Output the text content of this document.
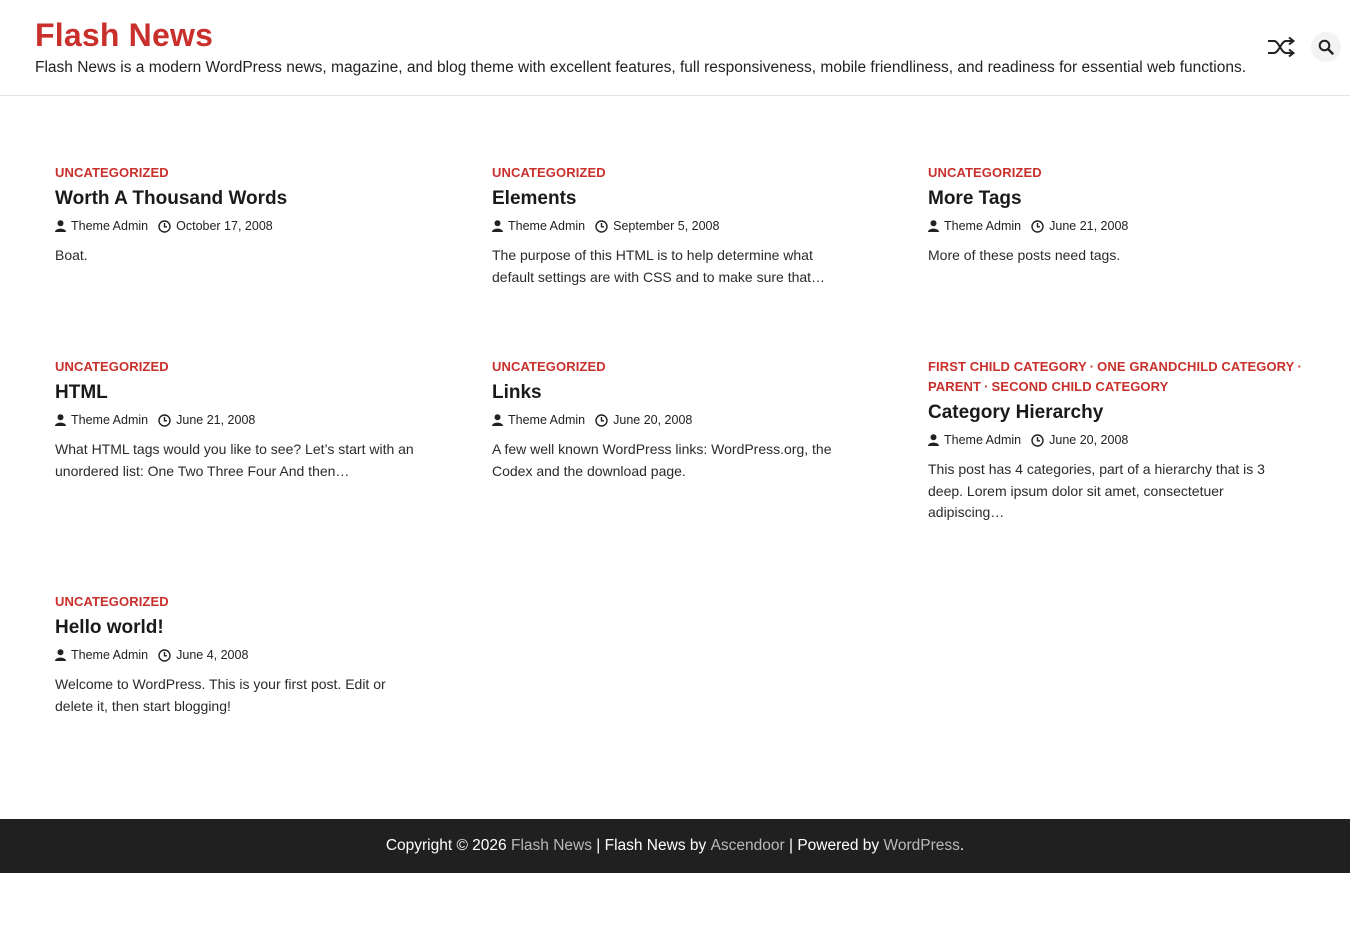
Flash News

Flash News is a modern WordPress news, magazine, and blog theme with excellent features, full responsiveness, mobile friendliness, and readiness for essential web functions.

UNCATEGORIZED
Worth A Thousand Words
Theme Admin October 17, 2008
Boat.
UNCATEGORIZED
Elements
Theme Admin September 5, 2008
The purpose of this HTML is to help determine what default settings are with CSS and to make sure that…
UNCATEGORIZED
More Tags
Theme Admin June 21, 2008
More of these posts need tags.
UNCATEGORIZED
HTML
Theme Admin June 21, 2008
What HTML tags would you like to see? Let’s start with an unordered list: One Two Three Four And then…
UNCATEGORIZED
Links
Theme Admin June 20, 2008
A few well known WordPress links: WordPress.org, the Codex and the download page.
FIRST CHILD CATEGORY · ONE GRANDCHILD CATEGORY ·
PARENT · SECOND CHILD CATEGORY
Category Hierarchy
Theme Admin June 20, 2008
This post has 4 categories, part of a hierarchy that is 3 deep. Lorem ipsum dolor sit amet, consectetuer adipiscing…
UNCATEGORIZED
Hello world!
Theme Admin June 4, 2008
Welcome to WordPress. This is your first post. Edit or delete it, then start blogging!
Copyright © 2026
Flash News
| Flash News by
Ascendoor
| Powered by
WordPress .
